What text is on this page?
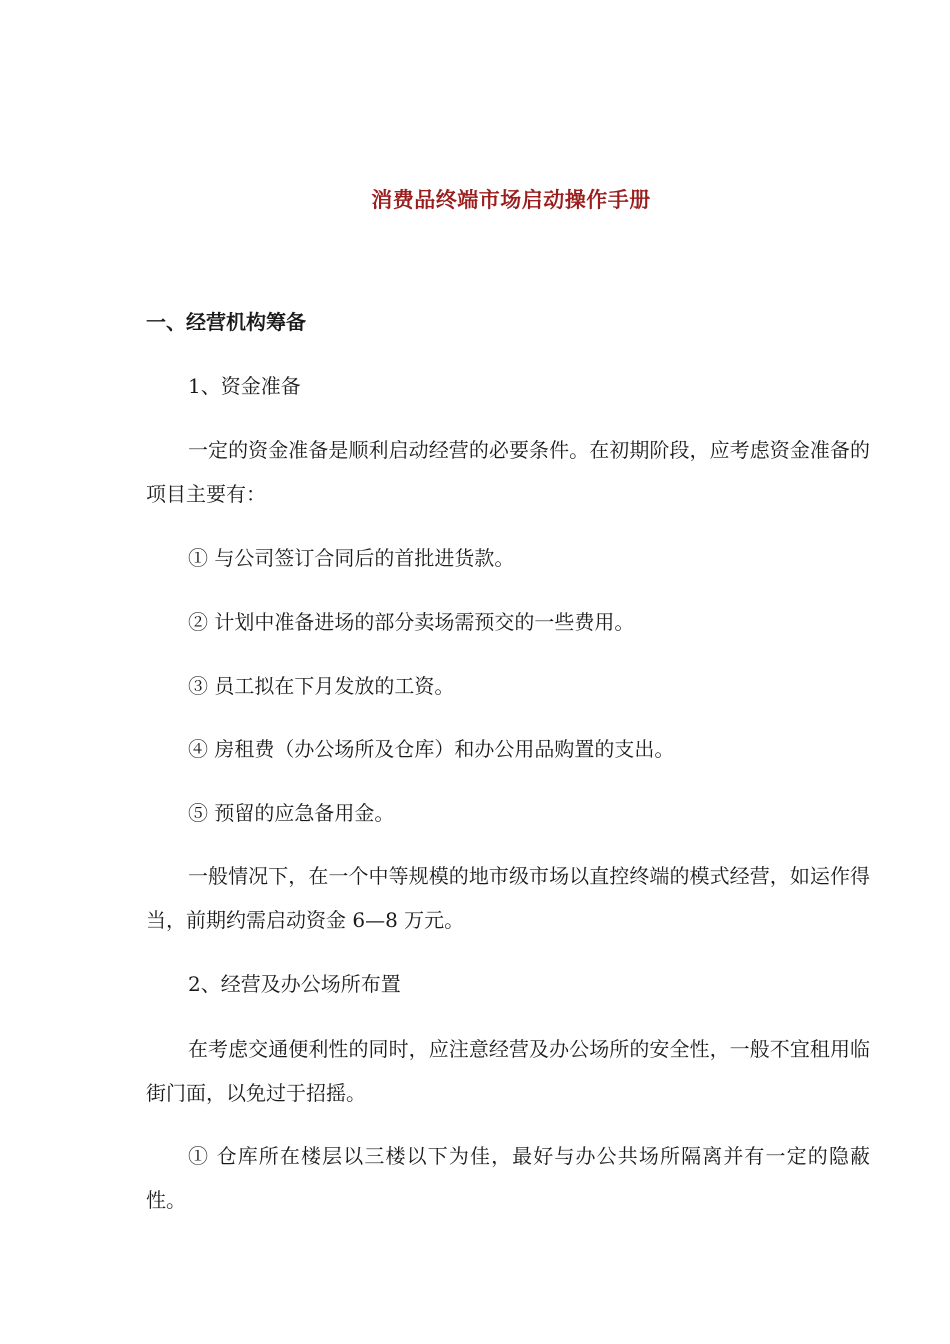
消费品终端市场启动操作手册
一、经营机构筹备
1、资金准备
一定的资金准备是顺利启动经营的必要条件。在初期阶段，应考虑资金准备的项目主要有：
① 与公司签订合同后的首批进货款。
② 计划中准备进场的部分卖场需预交的一些费用。
③ 员工拟在下月发放的工资。
④ 房租费（办公场所及仓库）和办公用品购置的支出。
⑤ 预留的应急备用金。
一般情况下，在一个中等规模的地市级市场以直控终端的模式经营，如运作得当，前期约需启动资金 6—8 万元。
2、经营及办公场所布置
在考虑交通便利性的同时，应注意经营及办公场所的安全性，一般不宜租用临街门面，以免过于招摇。
① 仓库所在楼层以三楼以下为佳，最好与办公共场所隔离并有一定的隐蔽性。
